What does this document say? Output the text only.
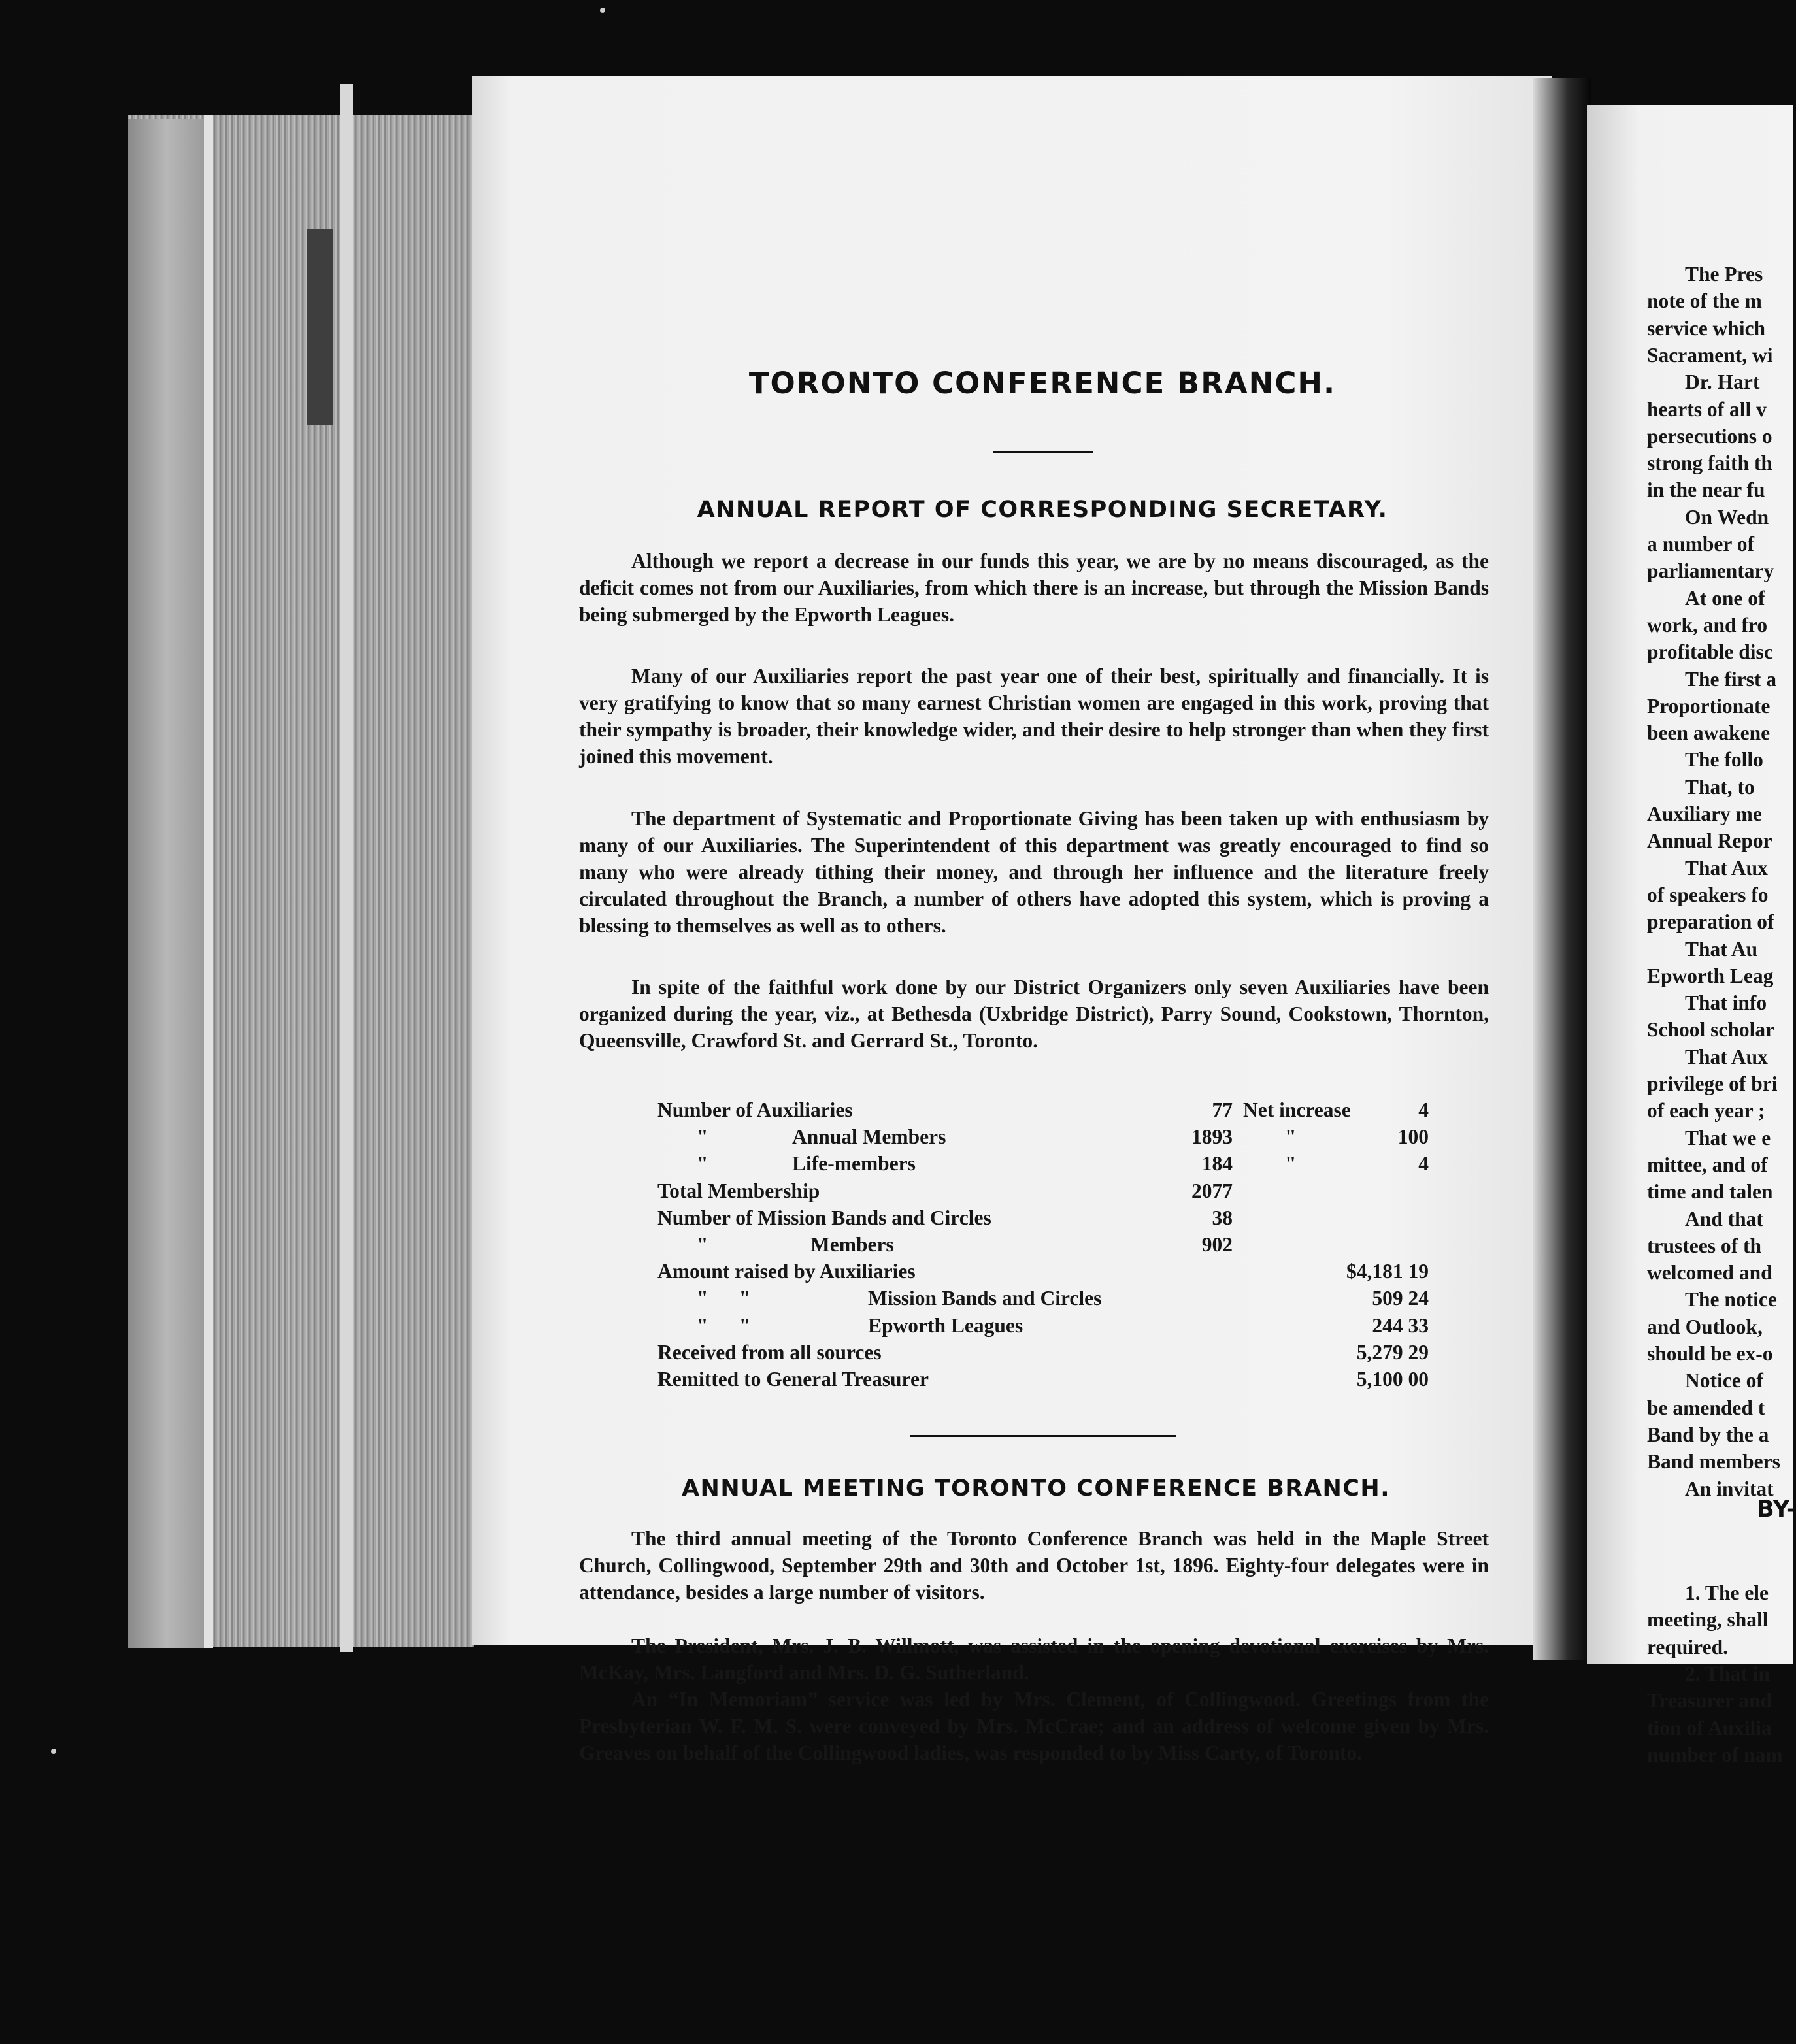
TORONTO CONFERENCE BRANCH.
ANNUAL REPORT OF CORRESPONDING SECRETARY.

Although we report a decrease in our funds this year, we are by no means discouraged, as the deficit comes not from our Auxiliaries, from which there is an increase, but through the Mission Bands being submerged by the Epworth Leagues.

Many of our Auxiliaries report the past year one of their best, spiritually and financially. It is very gratifying to know that so many earnest Christian women are engaged in this work, proving that their sympathy is broader, their knowledge wider, and their desire to help stronger than when they first joined this movement.

The department of Systematic and Proportionate Giving has been taken up with enthusiasm by many of our Auxiliaries. The Superintendent of this department was greatly encouraged to find so many who were already tithing their money, and through her influence and the literature freely circulated throughout the Branch, a number of others have adopted this system, which is proving a blessing to themselves as well as to others.

In spite of the faithful work done by our District Organizers only seven Auxiliaries have been organized during the year, viz., at Bethesda (Uxbridge District), Parry Sound, Cookstown, Thornton, Queensville, Crawford St. and Gerrard St., Toronto.

Number of Auxiliaries	77 Net increase	4
"	Annual Members	1893	"	100
"	Life-members	184	"	4
Total Membership	2077
Number of Mission Bands and Circles	38
"	Members	902
Amount raised by Auxiliaries	$4,181 19
"      "	Mission Bands and Circles	509 24
"      "	Epworth Leagues	244 33
Received from all sources	5,279 29
Remitted to General Treasurer	5,100 00
ANNUAL MEETING TORONTO CONFERENCE BRANCH.

The third annual meeting of the Toronto Conference Branch was held in the Maple Street Church, Collingwood, September 29th and 30th and October 1st, 1896. Eighty-four delegates were in attendance, besides a large number of visitors.

The President, Mrs. J. B. Willmott, was assisted in the opening devotional exercises by Mrs. McKay, Mrs. Langford and Mrs. D. G. Sutherland.

An “In Memoriam” service was led by Mrs. Clement, of Collingwood. Greetings from the Presbyterian W. F. M. S. were conveyed by Mrs. McCrae; and an address of welcome given by Mrs. Greaves on behalf of the Collingwood ladies, was responded to by Miss Carty, of Toronto.

The Pres
note of the m
service which
Sacrament, wi
Dr. Hart
hearts of all v
persecutions o
strong faith th
in the near fu
On Wedn
a number of
parliamentary
At one of
work, and fro
profitable disc
The first a
Proportionate
been awakene
The follo
That, to
Auxiliary me
Annual Repor
That Aux
of speakers fo
preparation of
That Au
Epworth Leag
That info
School scholar
That Aux
privilege of bri
of each year ;
That we e
mittee, and of
time and talen
And that
trustees of th
welcomed and
The notice
and Outlook,
should be ex-o
Notice of
be amended t
Band by the a
Band members
An invitat
BY-
1. The ele
meeting, shall
required.
2. That in
Treasurer and
tion of Auxilia
number of nam
